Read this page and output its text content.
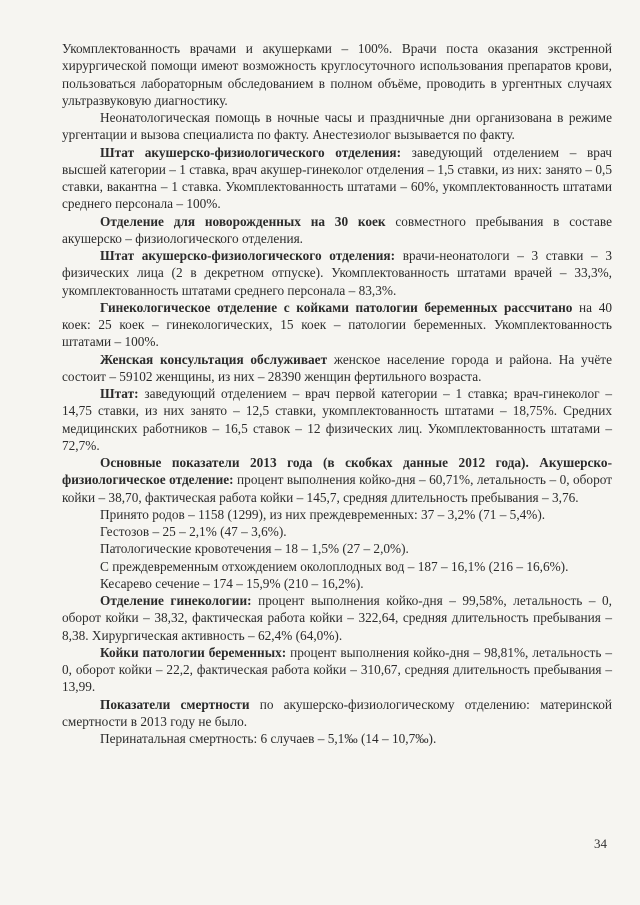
Укомплектованность врачами и акушерками – 100%. Врачи поста оказания экстренной хирургической помощи имеют возможность круглосуточного использования препаратов крови, пользоваться лабораторным обследованием в полном объёме, проводить в ургентных случаях ультразвуковую диагностику.

Неонатологическая помощь в ночные часы и праздничные дни организована в режиме ургентации и вызова специалиста по факту. Анестезиолог вызывается по факту.

Штат акушерско-физиологического отделения: заведующий отделением – врач высшей категории – 1 ставка, врач акушер-гинеколог отделения – 1,5 ставки, из них: занято – 0,5 ставки, вакантна – 1 ставка. Укомплектованность штатами – 60%, укомплектованность штатами среднего персонала – 100%.

Отделение для новорожденных на 30 коек совместного пребывания в составе акушерско – физиологического отделения.

Штат акушерско-физиологического отделения: врачи-неонатологи – 3 ставки – 3 физических лица (2 в декретном отпуске). Укомплектованность штатами врачей – 33,3%, укомплектованность штатами среднего персонала – 83,3%.

Гинекологическое отделение с койками патологии беременных рассчитано на 40 коек: 25 коек – гинекологических, 15 коек – патологии беременных. Укомплектованность штатами – 100%.

Женская консультация обслуживает женское население города и района. На учёте состоит – 59102 женщины, из них – 28390 женщин фертильного возраста.

Штат: заведующий отделением – врач первой категории – 1 ставка; врач-гинеколог – 14,75 ставки, из них занято – 12,5 ставки, укомплектованность штатами – 18,75%. Средних медицинских работников – 16,5 ставок – 12 физических лиц. Укомплектованность штатами – 72,7%.

Основные показатели 2013 года (в скобках данные 2012 года). Акушерско-физиологическое отделение: процент выполнения койко-дня – 60,71%, летальность – 0, оборот койки – 38,70, фактическая работа койки – 145,7, средняя длительность пребывания – 3,76.

Принято родов – 1158 (1299), из них преждевременных: 37 – 3,2% (71 – 5,4%).

Гестозов – 25 – 2,1% (47 – 3,6%).

Патологические кровотечения – 18 – 1,5% (27 – 2,0%).

С преждевременным отхождением околоплодных вод – 187 – 16,1% (216 – 16,6%).

Кесарево сечение – 174 – 15,9% (210 – 16,2%).

Отделение гинекологии: процент выполнения койко-дня – 99,58%, летальность – 0, оборот койки – 38,32, фактическая работа койки – 322,64, средняя длительность пребывания – 8,38. Хирургическая активность – 62,4% (64,0%).

Койки патологии беременных: процент выполнения койко-дня – 98,81%, летальность – 0, оборот койки – 22,2, фактическая работа койки – 310,67, средняя длительность пребывания – 13,99.

Показатели смертности по акушерско-физиологическому отделению: материнской смертности в 2013 году не было.

Перинатальная смертность: 6 случаев – 5,1‰ (14 – 10,7‰).

34
